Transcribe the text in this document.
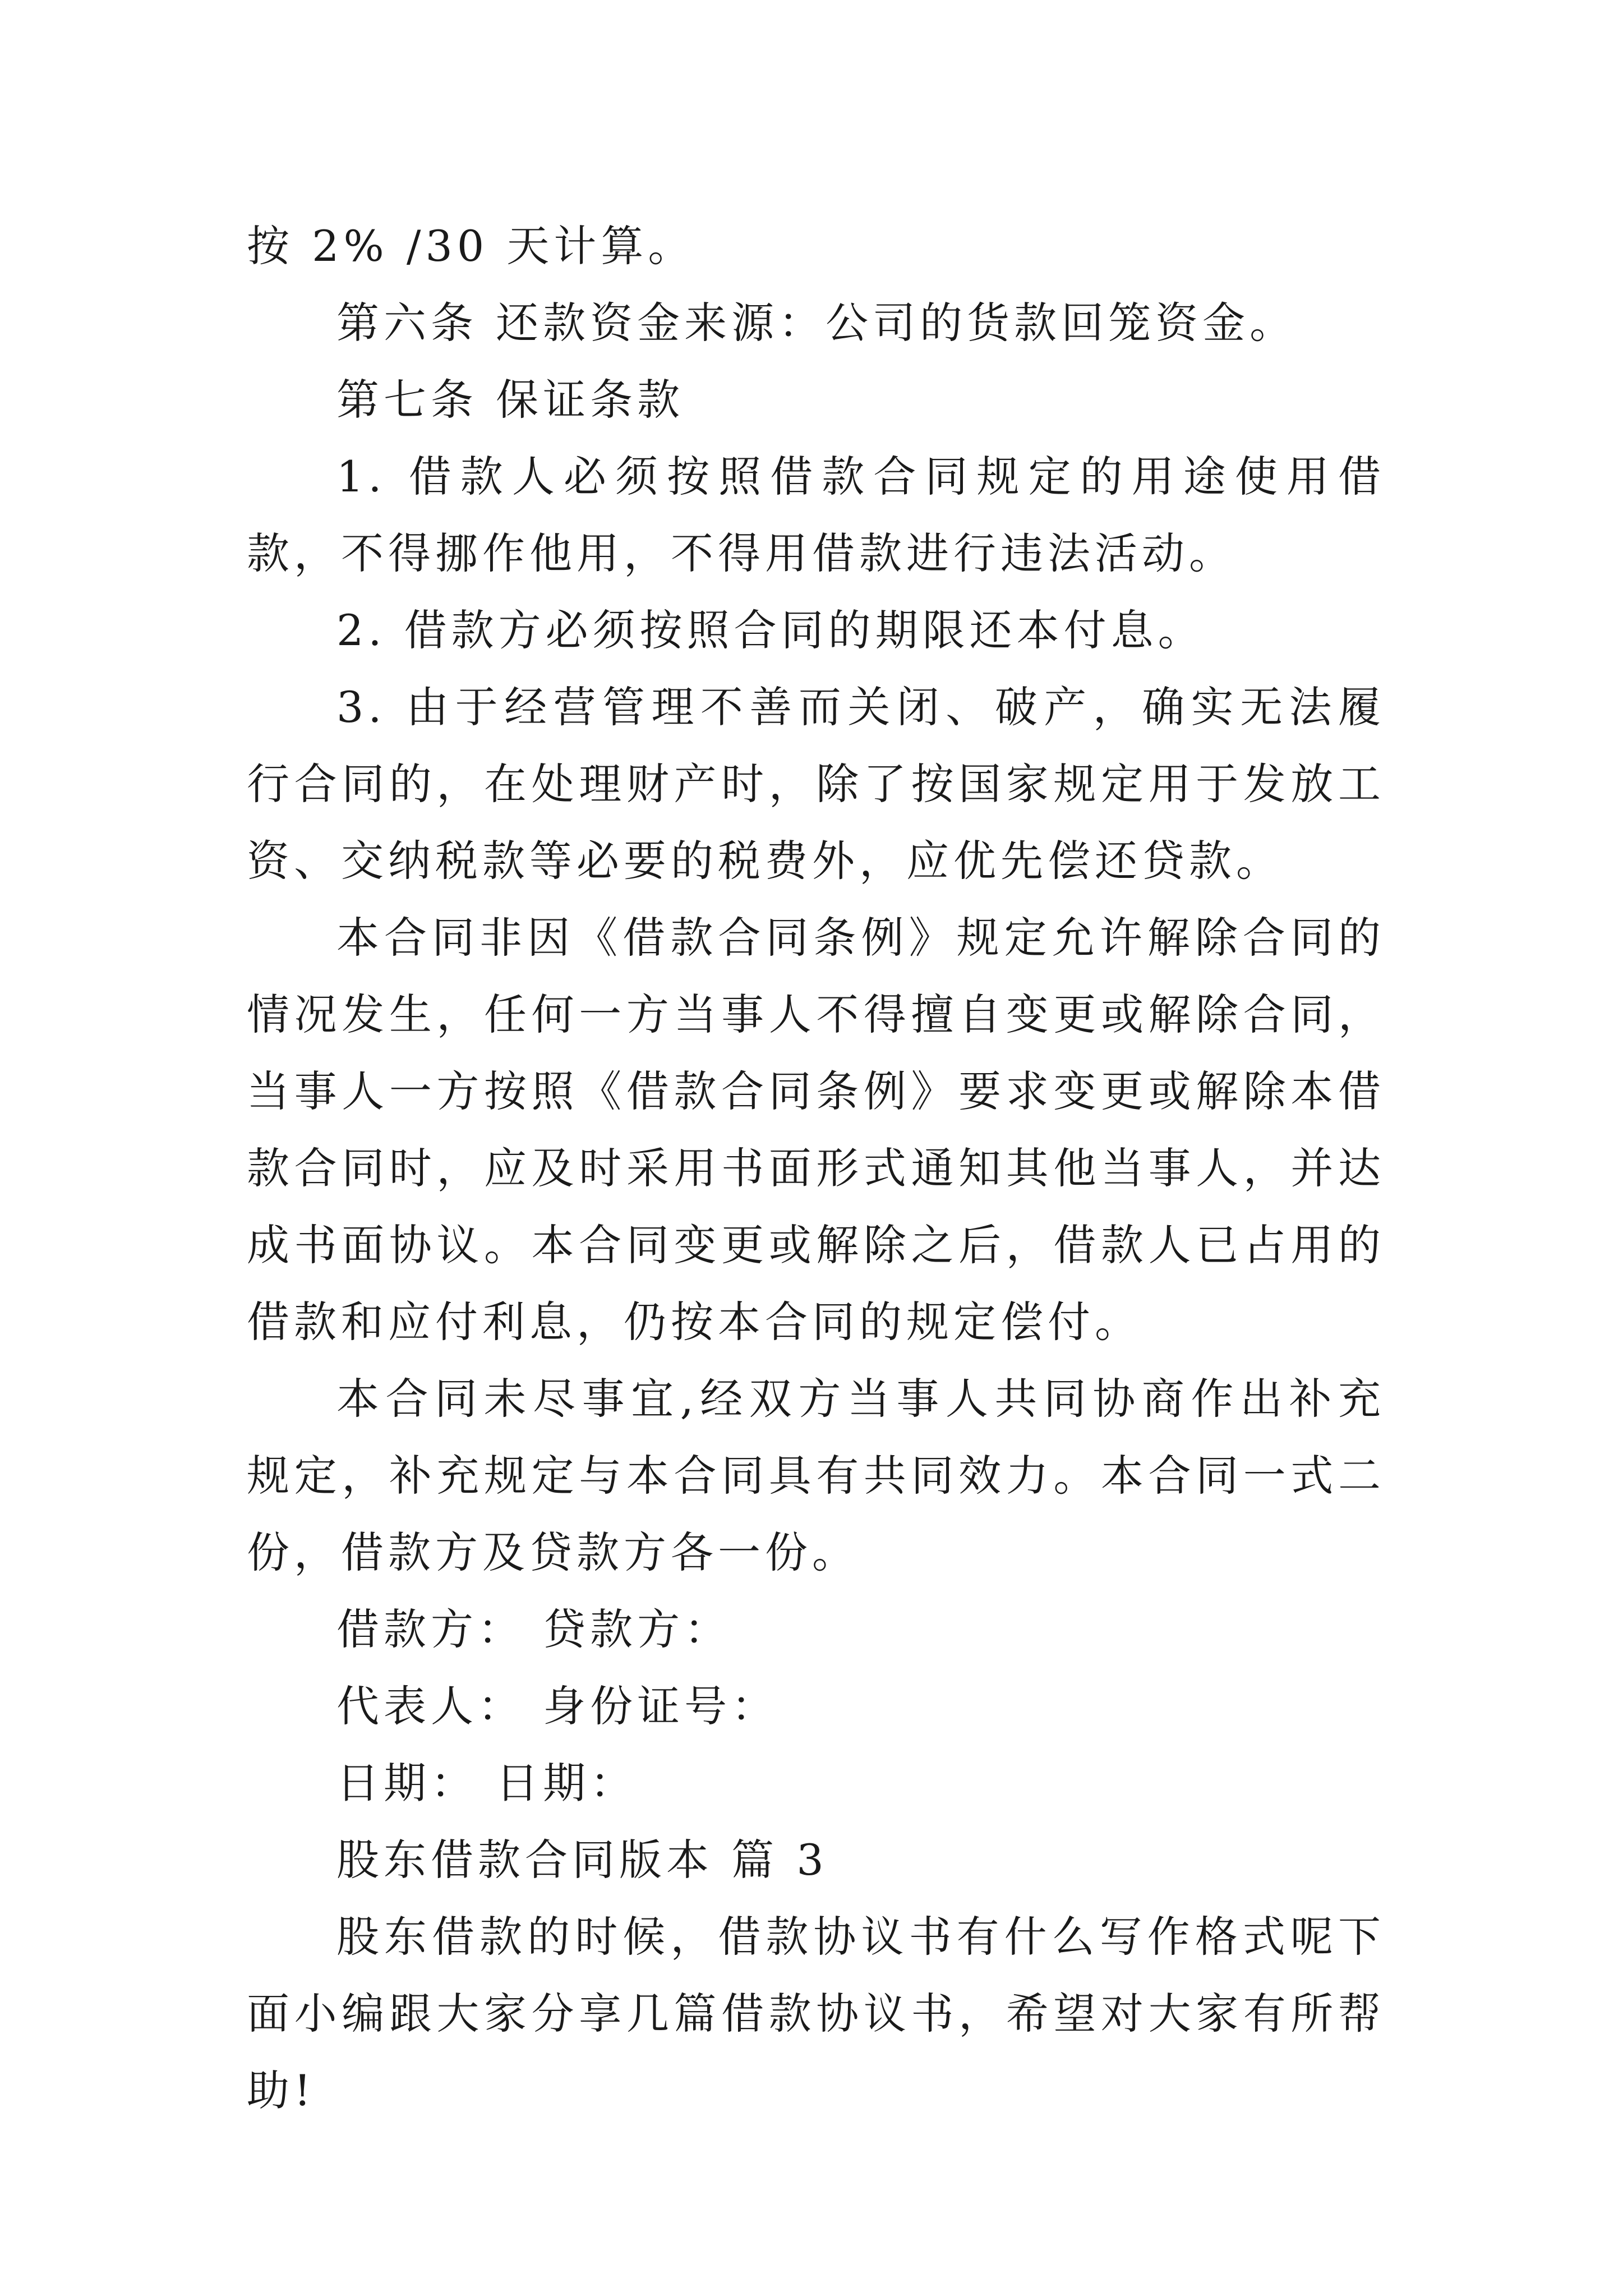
按 2% /30 天计算。

第六条 还款资金来源：公司的货款回笼资金。

第七条 保证条款

1. 借款人必须按照借款合同规定的用途使用借款，不得挪作他用，不得用借款进行违法活动。

2. 借款方必须按照合同的期限还本付息。

3. 由于经营管理不善而关闭、破产，确实无法履行合同的，在处理财产时，除了按国家规定用于发放工资、交纳税款等必要的税费外，应优先偿还贷款。

本合同非因《借款合同条例》规定允许解除合同的情况发生，任何一方当事人不得擅自变更或解除合同，当事人一方按照《借款合同条例》要求变更或解除本借款合同时，应及时采用书面形式通知其他当事人，并达成书面协议。本合同变更或解除之后，借款人已占用的借款和应付利息，仍按本合同的规定偿付。

本合同未尽事宜,经双方当事人共同协商作出补充规定，补充规定与本合同具有共同效力。本合同一式二份，借款方及贷款方各一份。

借款方： 贷款方：

代表人： 身份证号：

日期： 日期：

股东借款合同版本 篇 3

股东借款的时候，借款协议书有什么写作格式呢下面小编跟大家分享几篇借款协议书，希望对大家有所帮助!
